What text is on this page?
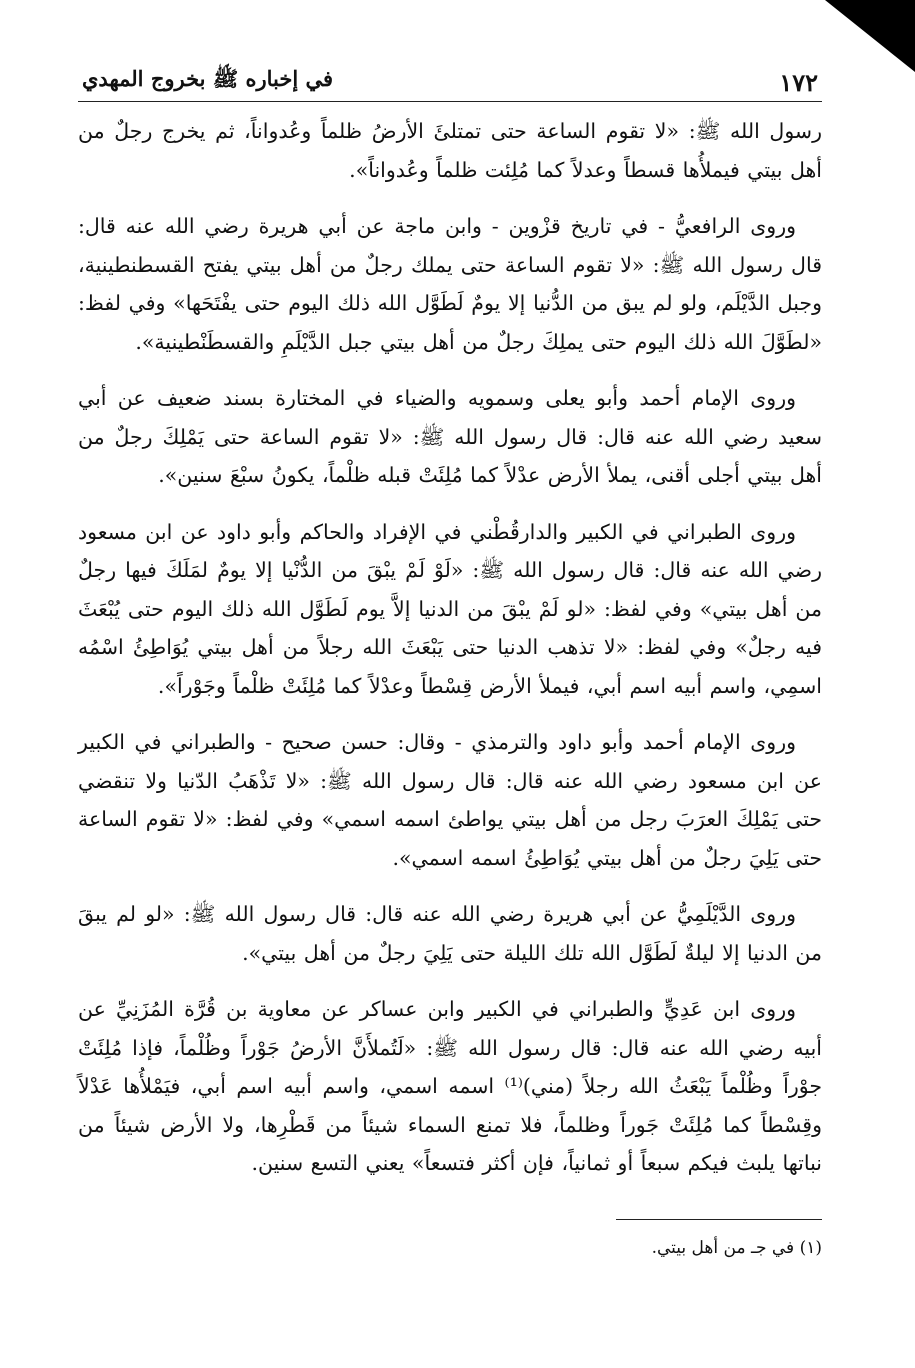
١٧٢
في إخباره ﷺ بخروج المهدي

رسول الله ﷺ: «لا تقوم الساعة حتى تمتلئَ الأرضُ ظلماً وعُدواناً، ثم يخرج رجلٌ من أهل بيتي فيملأُها قسطاً وعدلاً كما مُلِئت ظلماً وعُدواناً».

وروى الرافعيُّ - في تاريخ قزْوين - وابن ماجة عن أبي هريرة رضي الله عنه قال: قال رسول الله ﷺ: «لا تقوم الساعة حتى يملك رجلٌ من أهل بيتي يفتح القسطنطينية، وجبل الدَّيْلَم، ولو لم يبق من الدُّنيا إلا يومٌ لَطَوَّل الله ذلك اليوم حتى يفْتَحَها» وفي لفظ: «لطَوَّلَ الله ذلك اليوم حتى يملِكَ رجلٌ من أهل بيتي جبل الدَّيْلَمِ والقسطَنْطينية».

وروى الإمام أحمد وأبو يعلى وسمويه والضياء في المختارة بسند ضعيف عن أبي سعيد رضي الله عنه قال: قال رسول الله ﷺ: «لا تقوم الساعة حتى يَمْلِكَ رجلٌ من أهل بيتي أجلى أقنى، يملأ الأرض عدْلاً كما مُلِئَتْ قبله ظلْماً، يكونُ سبْعَ سنين».

وروى الطبراني في الكبير والدارقُطْني في الإفراد والحاكم وأبو داود عن ابن مسعود رضي الله عنه قال: قال رسول الله ﷺ: «لَوْ لَمْ يبْقَ من الدُّنْيا إلا يومٌ لمَلَكَ فيها رجلٌ من أهل بيتي» وفي لفظ: «لو لَمْ يبْقَ من الدنيا إلاَّ يوم لَطَوَّل الله ذلك اليوم حتى يُبْعَثَ فيه رجلٌ» وفي لفظ: «لا تذهب الدنيا حتى يَبْعَثَ الله رجلاً من أهل بيتي يُوَاطِئُ اسْمُه اسمِي، واسم أبيه اسم أبي، فيملأ الأرض قِسْطاً وعدْلاً كما مُلِئَتْ ظلْماً وجَوْراً».

وروى الإمام أحمد وأبو داود والترمذي - وقال: حسن صحيح - والطبراني في الكبير عن ابن مسعود رضي الله عنه قال: قال رسول الله ﷺ: «لا تَذْهَبُ الدّنيا ولا تنقضي حتى يَمْلِكَ العرَبَ رجل من أهل بيتي يواطئ اسمه اسمي» وفي لفظ: «لا تقوم الساعة حتى يَلِيَ رجلٌ من أهل بيتي يُوَاطِئُ اسمه اسمي».

وروى الدَّيْلَمِيُّ عن أبي هريرة رضي الله عنه قال: قال رسول الله ﷺ: «لو لم يبقَ من الدنيا إلا ليلةٌ لَطَوَّل الله تلك الليلة حتى يَلِيَ رجلٌ من أهل بيتي».

وروى ابن عَدِيٍّ والطبراني في الكبير وابن عساكر عن معاوية بن قُرَّة المُزَنِيِّ عن أبيه رضي الله عنه قال: قال رسول الله ﷺ: «لَتُملأَنَّ الأرضُ جَوْراً وظُلْماً، فإذا مُلِئَتْ جوْراً وظُلْماً يَبْعَثُ الله رجلاً (مني)⁽¹⁾ اسمه اسمي، واسم أبيه اسم أبي، فيَمْلأُها عَدْلاً وقِسْطاً كما مُلِئَتْ جَوراً وظلماً، فلا تمنع السماء شيئاً من قَطْرِها، ولا الأرض شيئاً من نباتها يلبث فيكم سبعاً أو ثمانياً، فإن أكثر فتسعاً» يعني التسع سنين.

(١) في جـ من أهل بيتي.
